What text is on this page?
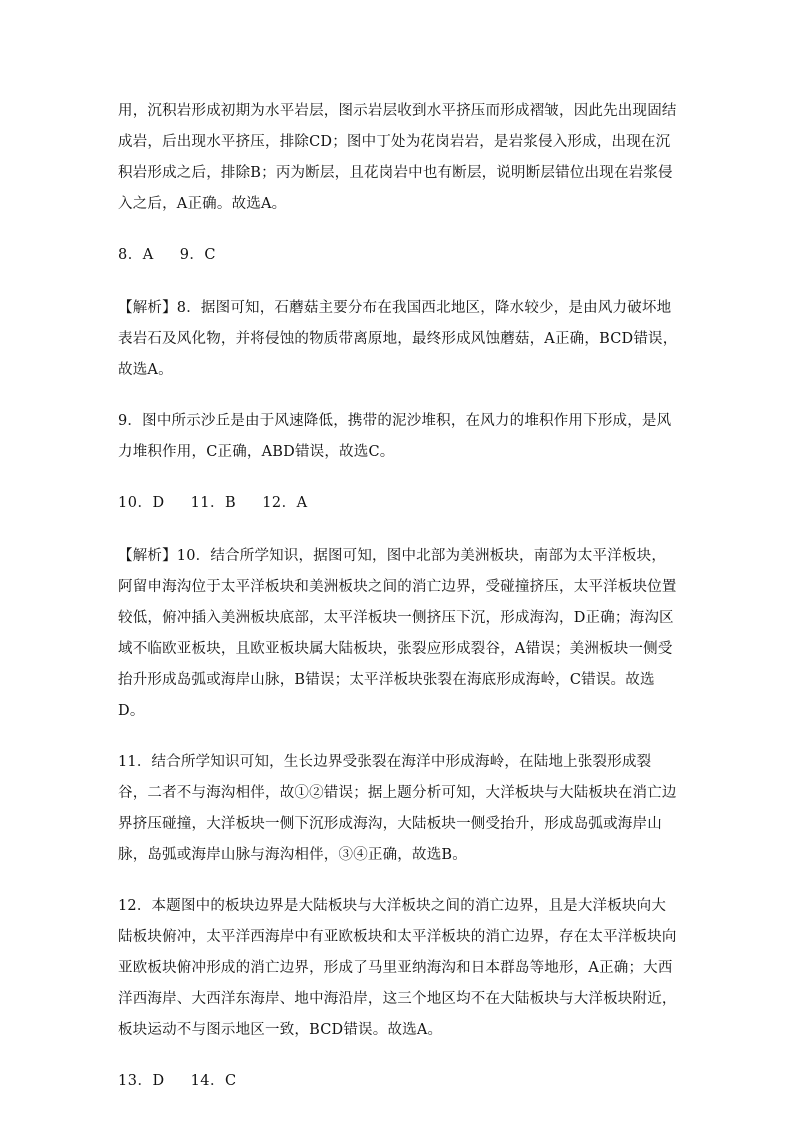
用，沉积岩形成初期为水平岩层，图示岩层收到水平挤压而形成褶皱，因此先出现固结成岩，后出现水平挤压，排除CD；图中丁处为花岗岩岩，是岩浆侵入形成，出现在沉积岩形成之后，排除B；丙为断层，且花岗岩中也有断层，说明断层错位出现在岩浆侵入之后，A正确。故选A。

8．A 9．C

【解析】8．据图可知，石蘑菇主要分布在我国西北地区，降水较少，是由风力破坏地表岩石及风化物，并将侵蚀的物质带离原地，最终形成风蚀蘑菇，A正确，BCD错误，故选A。

9．图中所示沙丘是由于风速降低，携带的泥沙堆积，在风力的堆积作用下形成，是风力堆积作用，C正确，ABD错误，故选C。

10．D 11．B 12．A

【解析】10．结合所学知识，据图可知，图中北部为美洲板块，南部为太平洋板块，阿留申海沟位于太平洋板块和美洲板块之间的消亡边界，受碰撞挤压，太平洋板块位置较低，俯冲插入美洲板块底部，太平洋板块一侧挤压下沉，形成海沟，D正确；海沟区域不临欧亚板块，且欧亚板块属大陆板块，张裂应形成裂谷，A错误；美洲板块一侧受抬升形成岛弧或海岸山脉，B错误；太平洋板块张裂在海底形成海岭，C错误。故选D。

11．结合所学知识可知，生长边界受张裂在海洋中形成海岭，在陆地上张裂形成裂谷，二者不与海沟相伴，故①②错误；据上题分析可知，大洋板块与大陆板块在消亡边界挤压碰撞，大洋板块一侧下沉形成海沟，大陆板块一侧受抬升，形成岛弧或海岸山脉，岛弧或海岸山脉与海沟相伴，③④正确，故选B。

12．本题图中的板块边界是大陆板块与大洋板块之间的消亡边界，且是大洋板块向大陆板块俯冲，太平洋西海岸中有亚欧板块和太平洋板块的消亡边界，存在太平洋板块向亚欧板块俯冲形成的消亡边界，形成了马里亚纳海沟和日本群岛等地形，A正确；大西洋西海岸、大西洋东海岸、地中海沿岸，这三个地区均不在大陆板块与大洋板块附近，板块运动不与图示地区一致，BCD错误。故选A。

13．D 14．C
